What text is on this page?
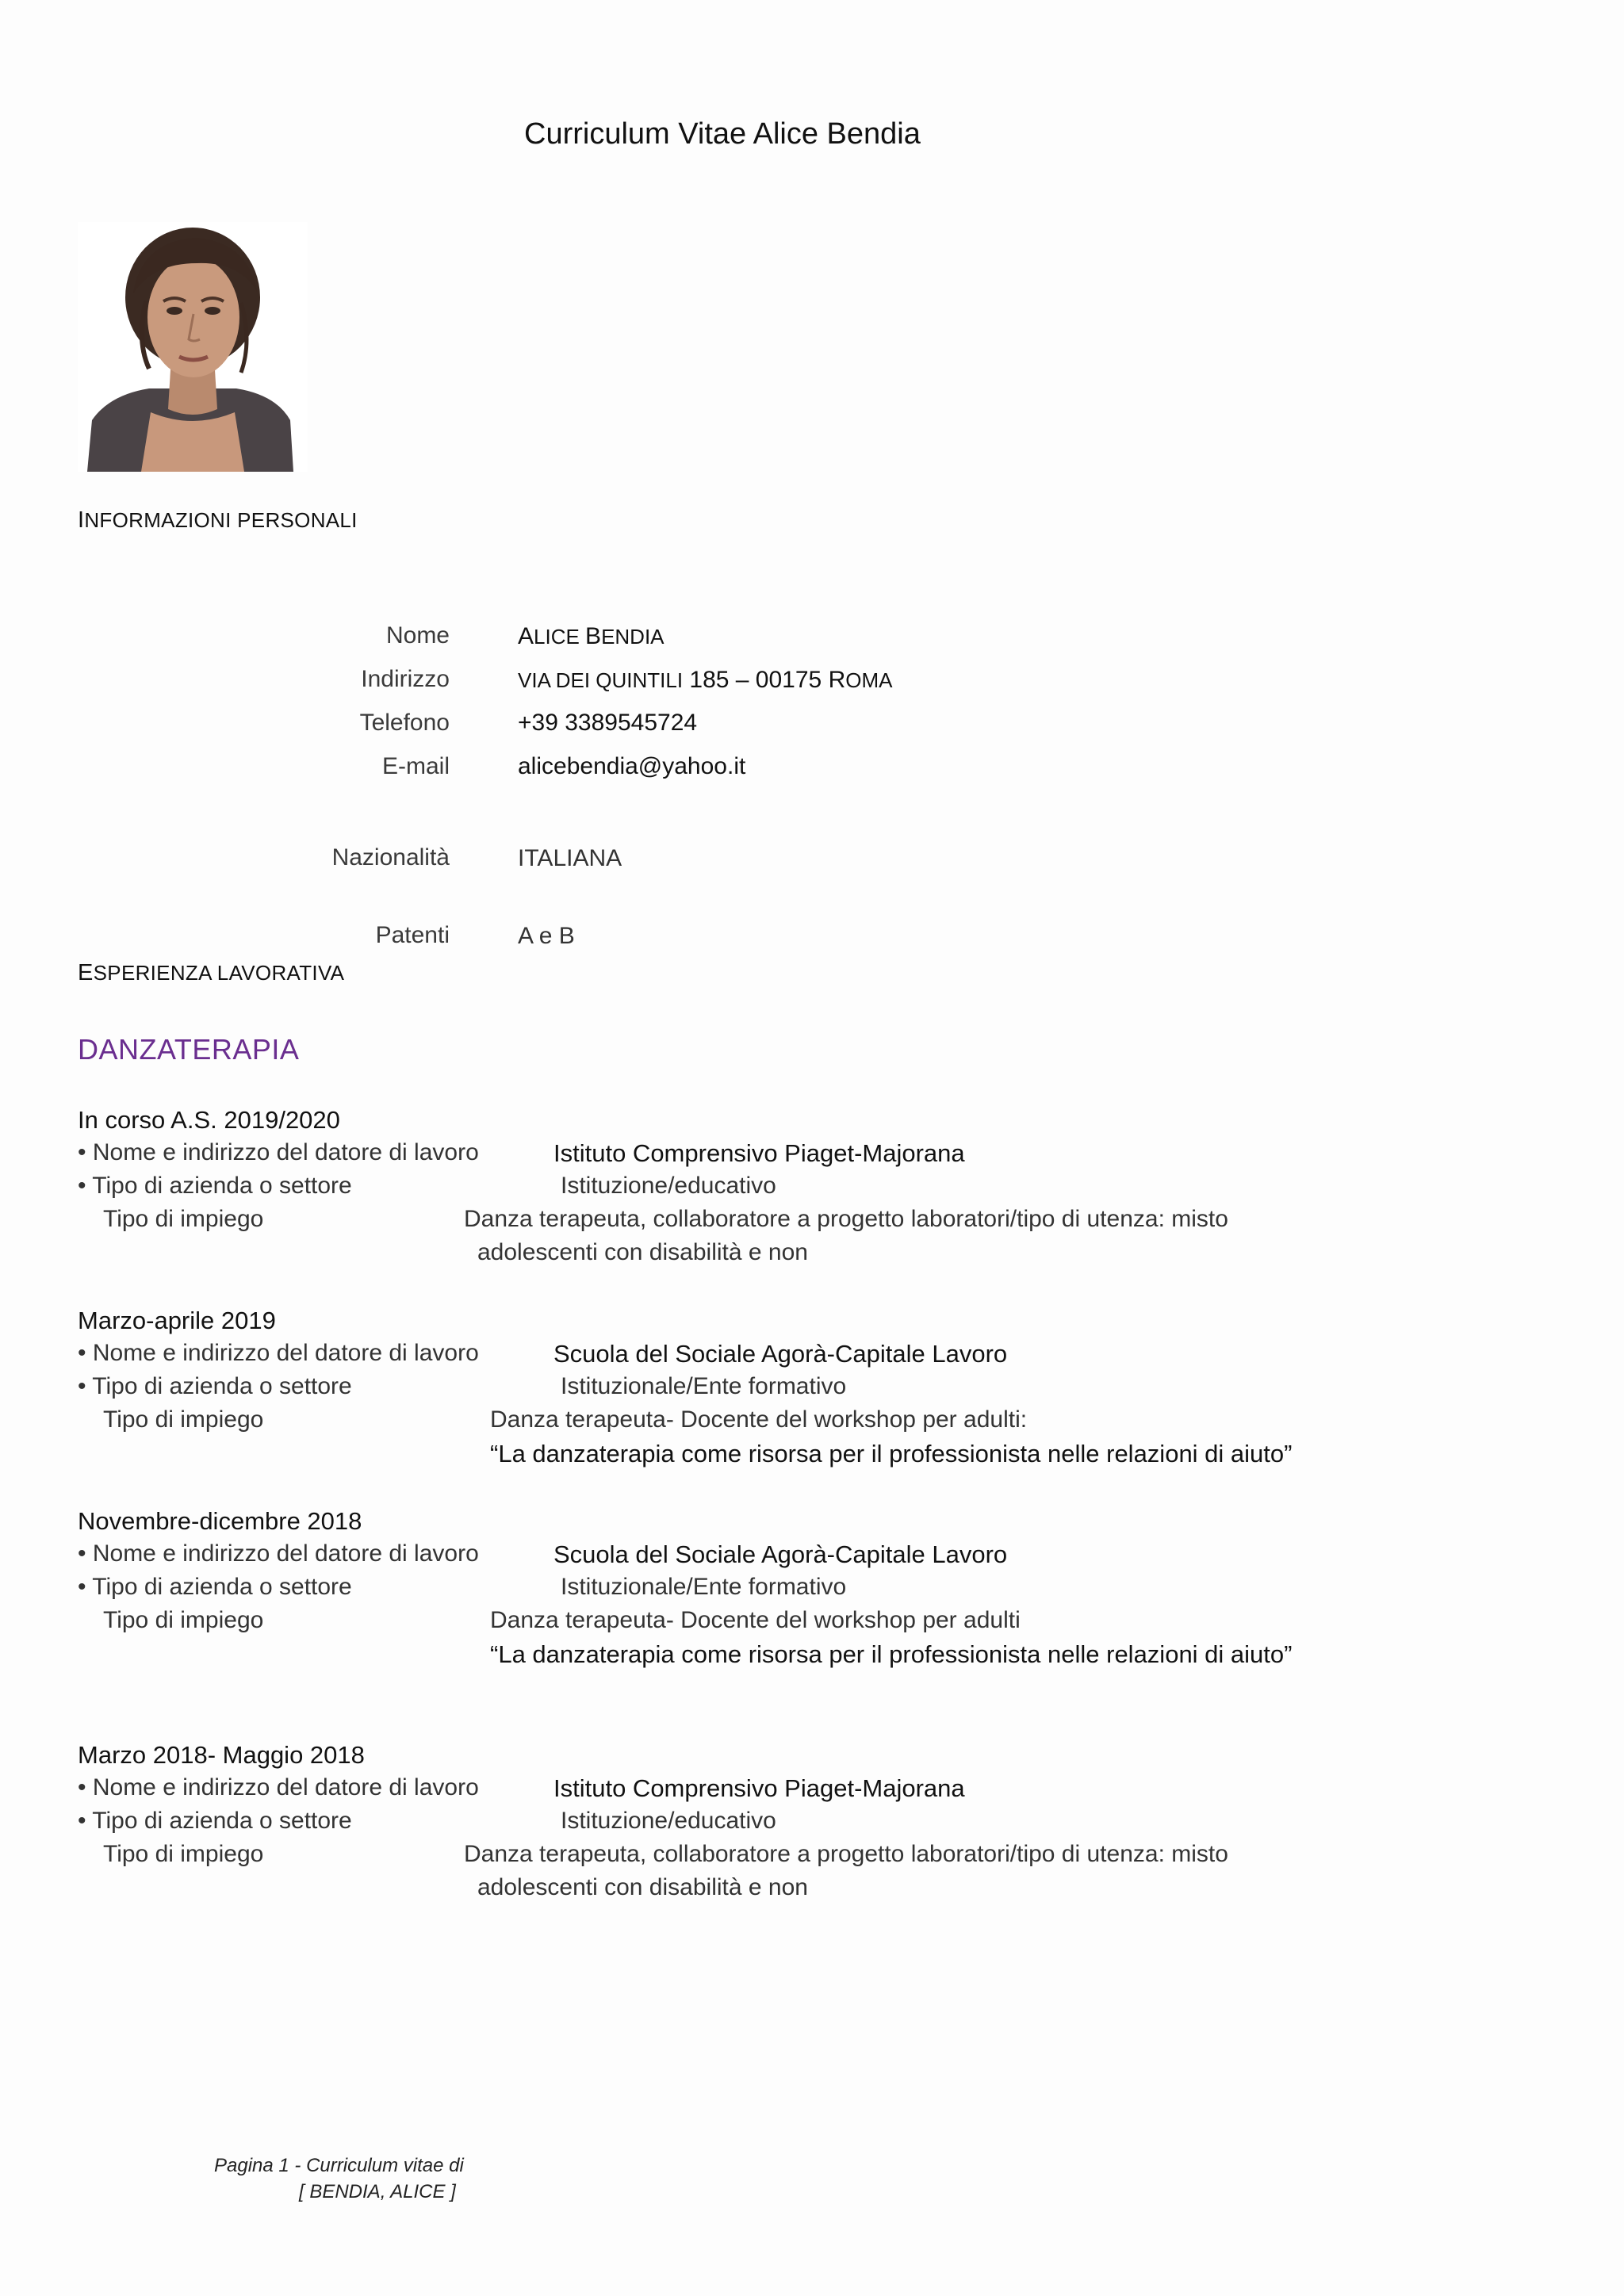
Curriculum Vitae Alice Bendia
INFORMAZIONI PERSONALI
Nome	ALICE BENDIA
Indirizzo	VIA DEI QUINTILI 185 – 00175 ROMA
Telefono	+39 3389545724
E-mail	alicebendia@yahoo.it
Nazionalità	ITALIANA
Patenti	A e B
ESPERIENZA LAVORATIVA
DANZATERAPIA
In corso A.S. 2019/2020
• Nome e indirizzo del datore di lavoro	Istituto Comprensivo Piaget-Majorana
• Tipo di azienda o settore	Istituzione/educativo
Tipo di impiego	Danza terapeuta, collaboratore a progetto laboratori/tipo di utenza: misto
adolescenti con disabilità e non
Marzo-aprile 2019
• Nome e indirizzo del datore di lavoro	Scuola del Sociale Agorà-Capitale Lavoro
• Tipo di azienda o settore	Istituzionale/Ente formativo
Tipo di impiego	Danza terapeuta- Docente del workshop per adulti:
“La danzaterapia come risorsa per il professionista nelle relazioni di aiuto”
Novembre-dicembre 2018
• Nome e indirizzo del datore di lavoro	Scuola del Sociale Agorà-Capitale Lavoro
• Tipo di azienda o settore	Istituzionale/Ente formativo
Tipo di impiego	Danza terapeuta- Docente del workshop per adulti
“La danzaterapia come risorsa per il professionista nelle relazioni di aiuto”
Marzo 2018- Maggio 2018
• Nome e indirizzo del datore di lavoro	Istituto Comprensivo Piaget-Majorana
• Tipo di azienda o settore	Istituzione/educativo
Tipo di impiego	Danza terapeuta, collaboratore a progetto laboratori/tipo di utenza: misto
adolescenti con disabilità e non
Pagina 1 - Curriculum vitae di
[ BENDIA, ALICE ]
